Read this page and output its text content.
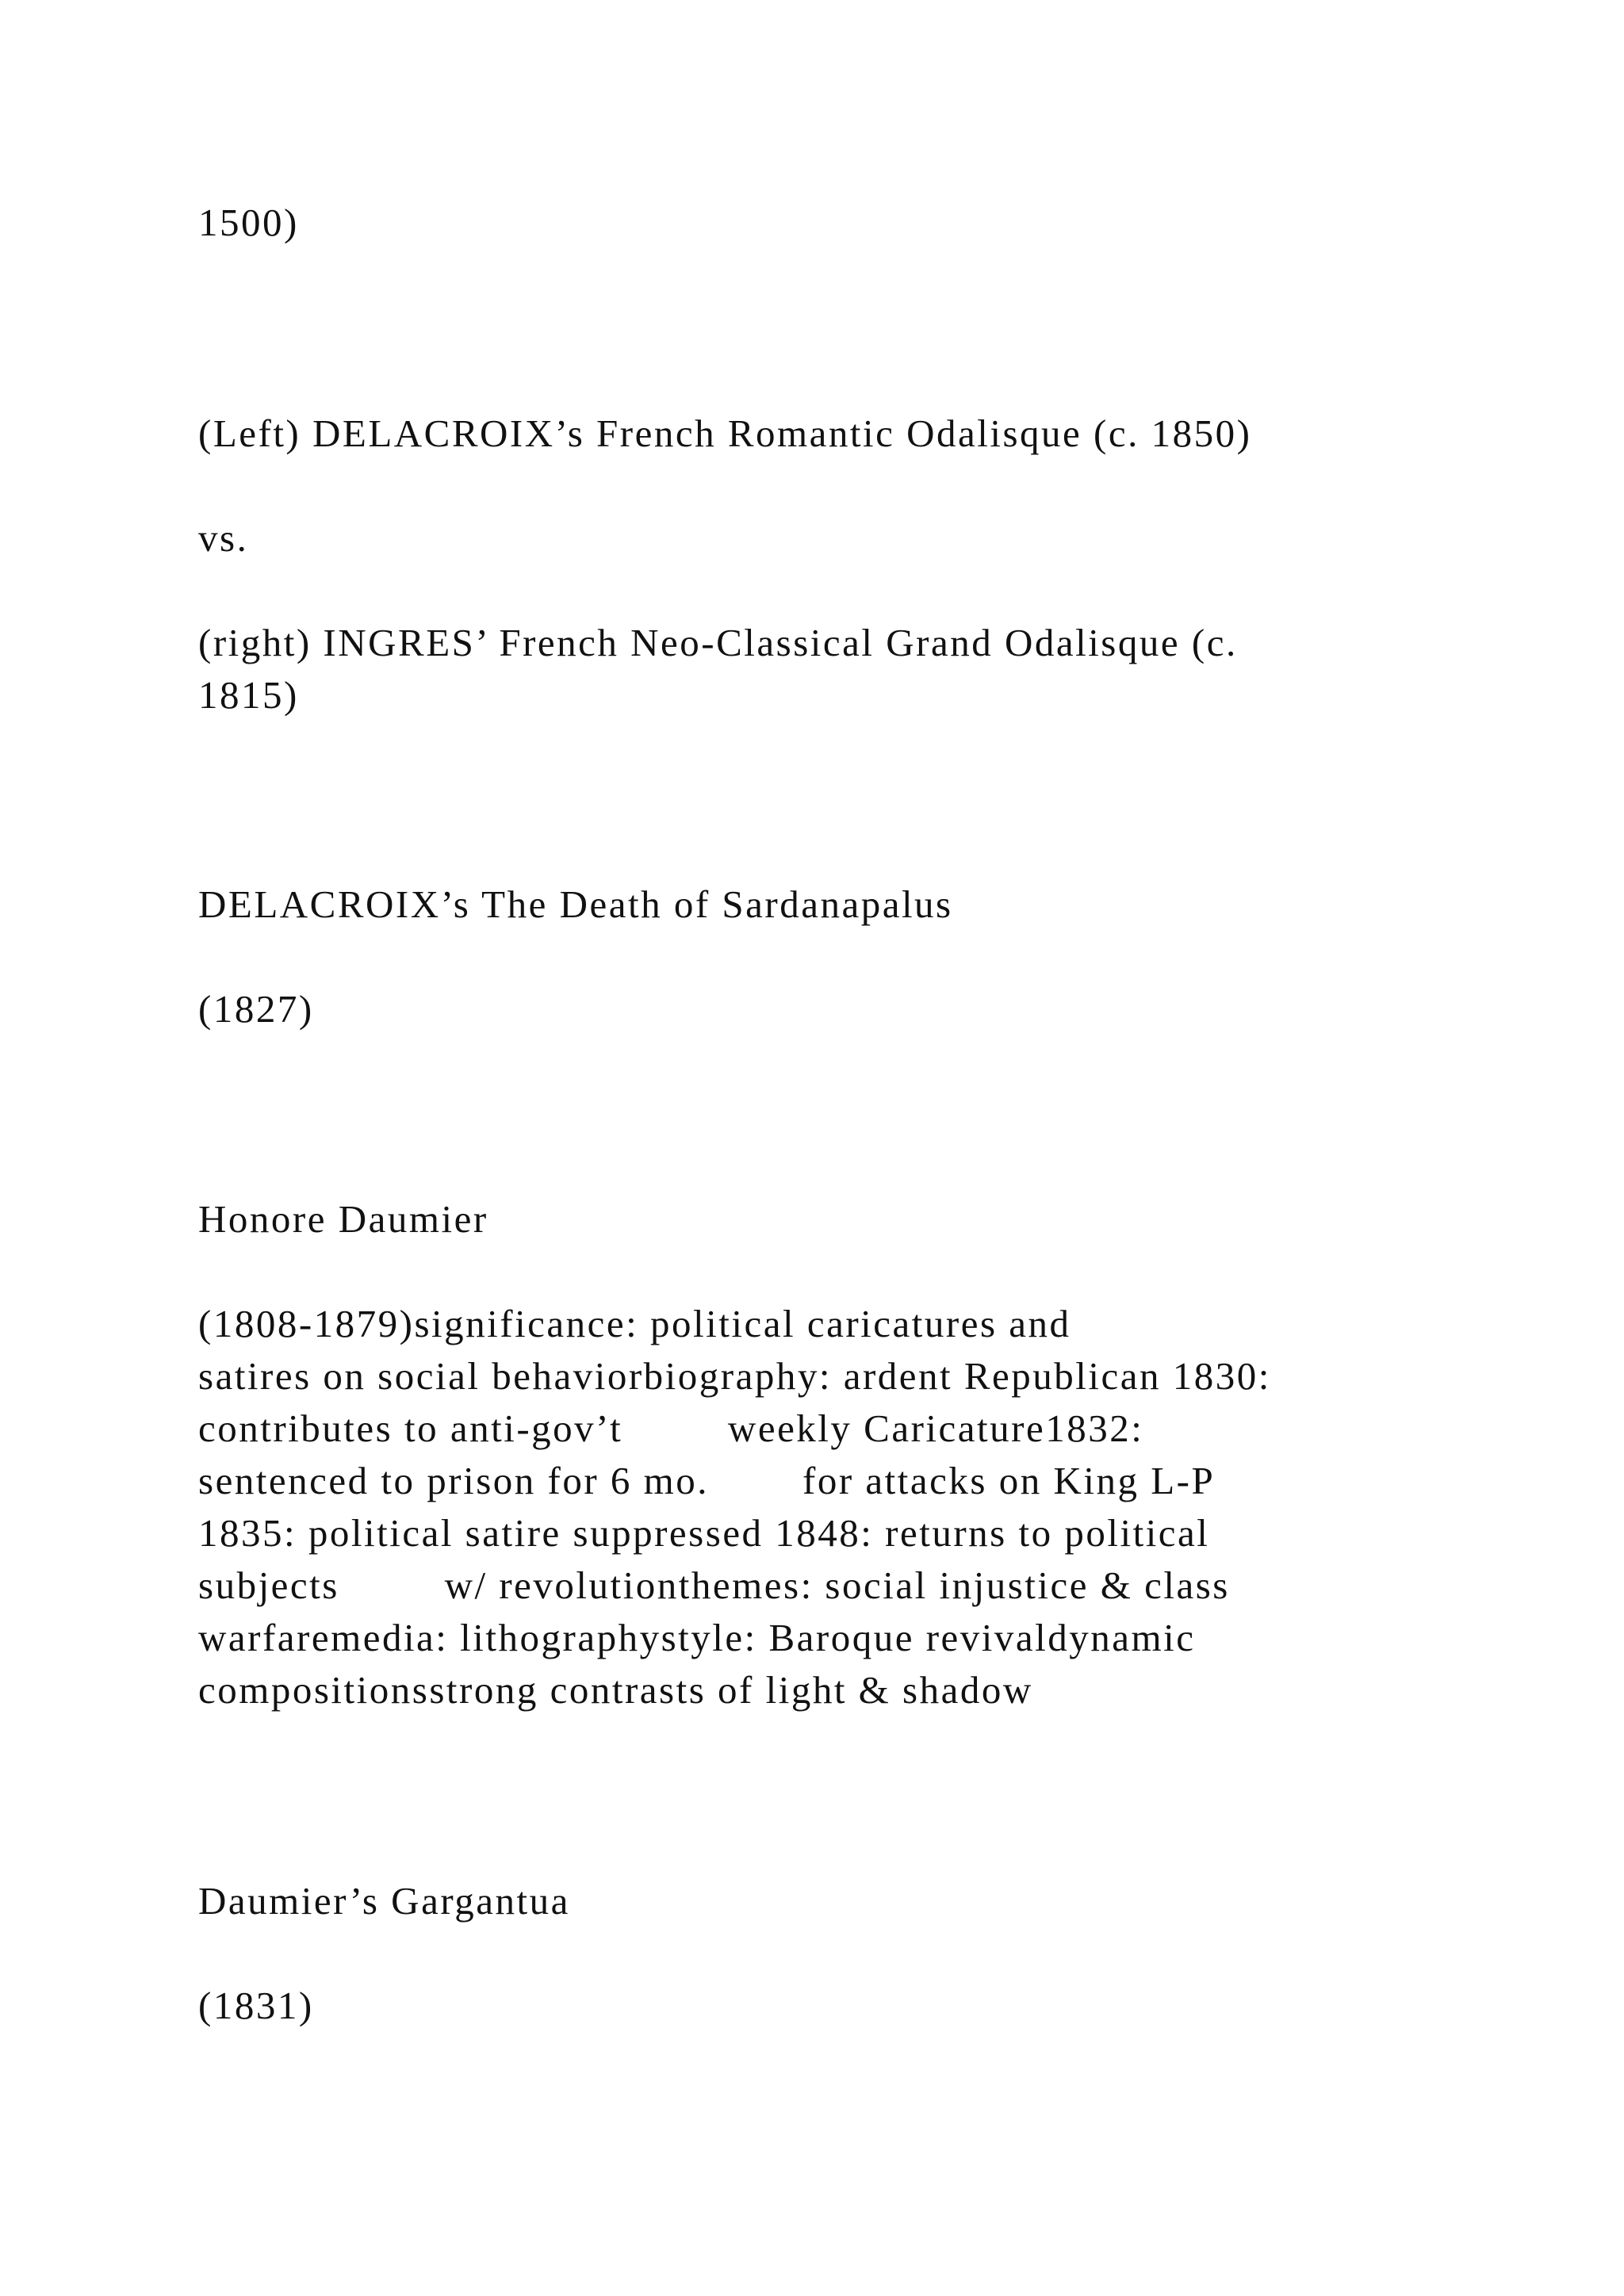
1500)
(Left) DELACROIX’s French Romantic Odalisque (c. 1850)
vs.
(right) INGRES’ French Neo-Classical Grand Odalisque (c.
1815)
DELACROIX’s The Death of Sardanapalus
(1827)
Honore Daumier
(1808-1879)significance: political caricatures and
satires on social behaviorbiography: ardent Republican 1830:
contributes to anti-gov’t         weekly Caricature1832:
sentenced to prison for 6 mo.        for attacks on King L-P
1835: political satire suppressed 1848: returns to political
subjects         w/ revolutionthemes: social injustice & class
warfaremedia: lithographystyle: Baroque revivaldynamic
compositionsstrong contrasts of light & shadow
Daumier’s Gargantua
(1831)
